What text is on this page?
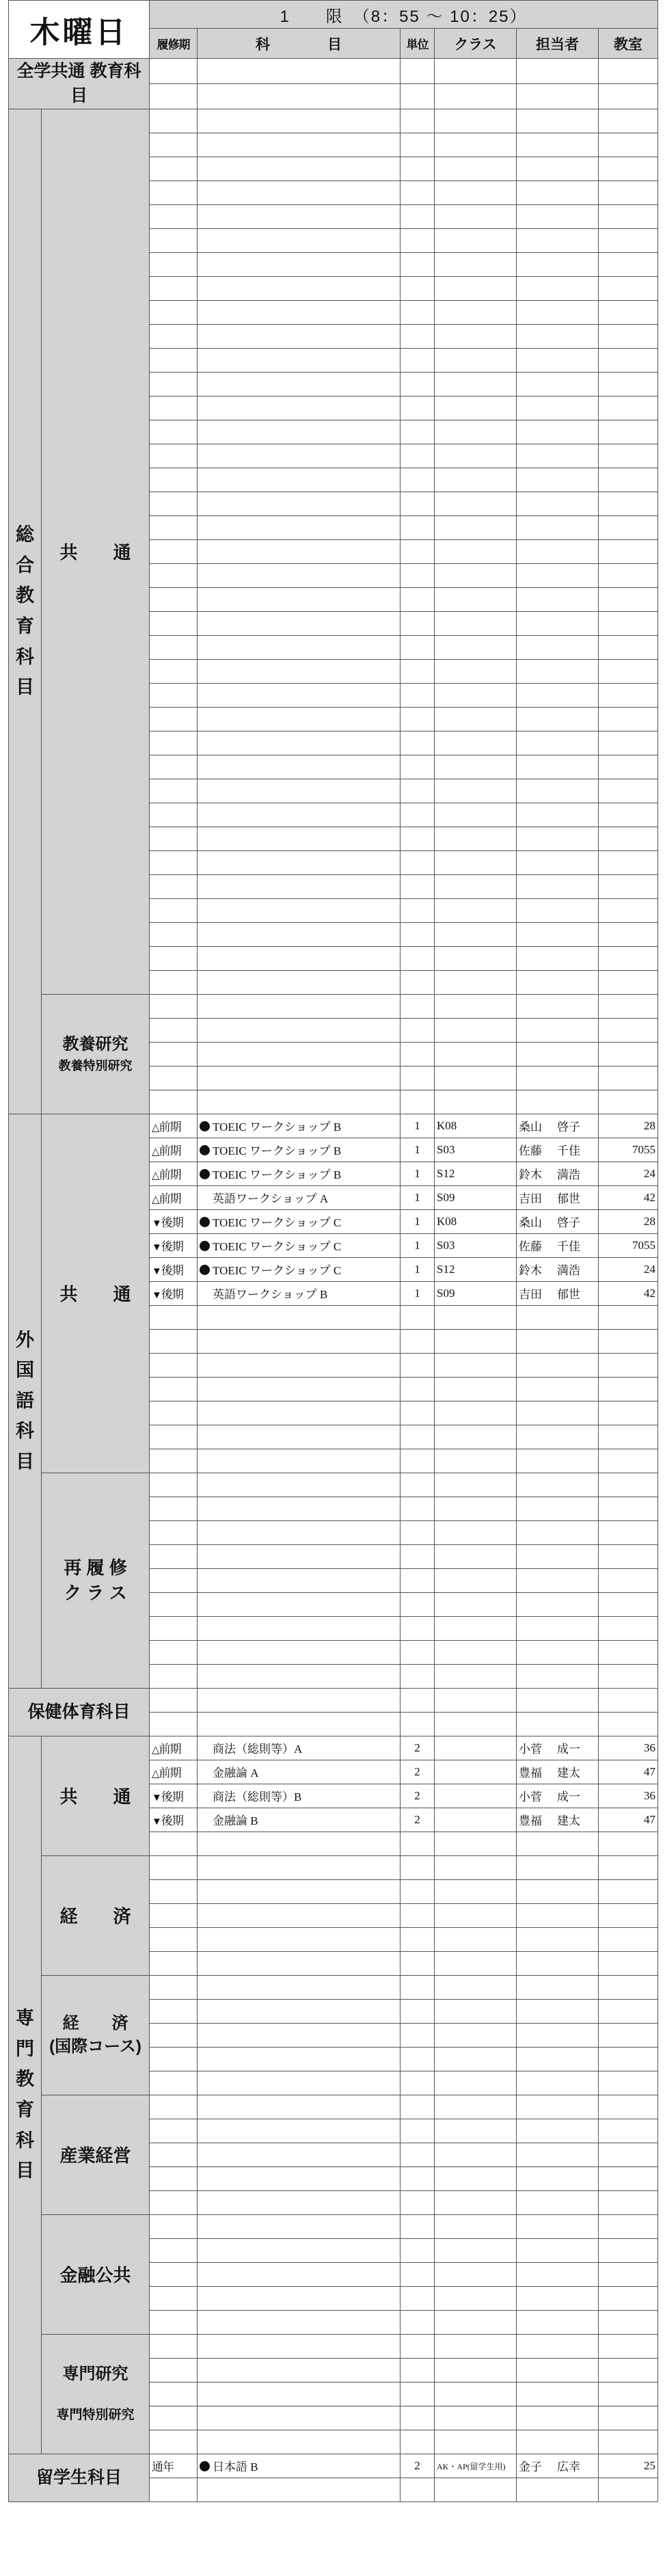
木曜日		1　　限　（8：55 〜 10：25）					
		履修期	科　　　　目	単位	クラス	担当者	教室
全学共通 教育科目							

総 合 教 育 科 目	共　　通						

	教養研究
教養特別研究						

外 国 語 科 目	共　　通	△前期	TOEIC ワークショップ B	1	K08	桑山 啓子	28
		△前期	TOEIC ワークショップ B	1	S03	佐藤 千佳	7055
		△前期	TOEIC ワークショップ B	1	S12	鈴木 満浩	24
		△前期	英語ワークショップ A	1	S09	吉田 郁世	42
		▼後期	TOEIC ワークショップ C	1	K08	桑山 啓子	28
		▼後期	TOEIC ワークショップ C	1	S03	佐藤 千佳	7055
		▼後期	TOEIC ワークショップ C	1	S12	鈴木 満浩	24
		▼後期	英語ワークショップ B	1	S09	吉田 郁世	42

	再 履 修
ク ラ ス						

保健体育科目							

専 門 教 育 科 目	共　　通	△前期	商法（総則等）A	2		小菅 成一	36
		△前期	金融論 A	2		豊福 建太	47
		▼後期	商法（総則等）B	2		小菅 成一	36
		▼後期	金融論 B	2		豊福 建太	47

	経　　済						

	経　　済
(国際コース)						

	産業経営						

	金融公共						

	専門研究
専門特別研究						

留学生科目		通年	日本語 B	2	AK・AP(留学生用)	金子 広幸	25
